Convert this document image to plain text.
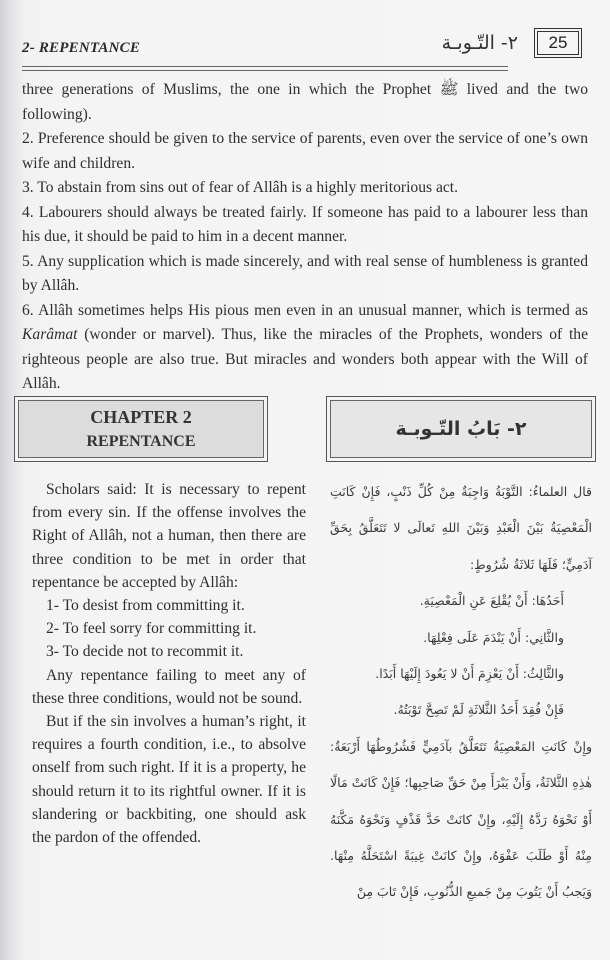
2- REPENTANCE	٢- التّـوبـة	25

three generations of Muslims, the one in which the Prophet ﷺ lived and the two following).

2. Preference should be given to the service of parents, even over the service of one’s own wife and children.

3. To abstain from sins out of fear of Allâh is a highly meritorious act.

4. Labourers should always be treated fairly. If someone has paid to a labourer less than his due, it should be paid to him in a decent manner.

5. Any supplication which is made sincerely, and with real sense of humbleness is granted by Allâh.

6. Allâh sometimes helps His pious men even in an unusual manner, which is termed as Karâmat (wonder or marvel). Thus, like the miracles of the Prophets, wonders of the righteous people are also true. But miracles and wonders both appear with the Will of Allâh.

CHAPTER 2
REPENTANCE
٢- بَابُ التّـوبـة

Scholars said: It is necessary to repent from every sin. If the offense involves the Right of Allâh, not a human, then there are three condition to be met in order that repentance be accepted by Allâh:

1- To desist from committing it.

2- To feel sorry for committing it.

3- To decide not to recommit it.

Any repentance failing to meet any of these three conditions, would not be sound.

But if the sin involves a human’s right, it requires a fourth condition, i.e., to absolve onself from such right. If it is a property, he should return it to its rightful owner. If it is slandering or backbiting, one should ask the pardon of the offended.

قال العلماءُ: التَّوْبَةُ وَاجِبَةٌ مِنْ كُلِّ ذَنْبٍ، فَإِنْ كَانَتِ الْمَعْصِيَةُ بَيْنَ الْعَبْدِ وَبَيْنَ اللهِ تَعالَى لا تَتَعَلَّقُ بِحَقِّ آدَمِيٍّ؛ فَلَهَا ثَلاثَةُ شُرُوطٍ:

أَحَدُهَا: أَنْ يُقْلِعَ عَنِ الْمَعْصِيَةِ.

والثَّانِي: أَنْ يَنْدَمَ عَلَى فِعْلِهَا.

والثَّالِثُ: أَنْ يَعْزِمَ أَنْ لا يَعُودَ إِلَيْهَا أَبَدًا.

فَإِنْ فُقِدَ أَحَدُ الثَّلاثَةِ لَمْ تَصِحَّ تَوْبَتُهُ.

وإِنْ كَانَتِ المَعْصِيَةُ تَتَعَلَّقُ بآدَمِيٍّ فَشُرُوطُهَا أَرْبَعَةٌ: هٰذِهِ الثَّلاثَةُ، وَأَنْ يَبْرَأَ مِنْ حَقِّ صَاحِبِها؛ فَإِنْ كَانَتْ مَالًا أَوْ نَحْوَهُ رَدَّهُ إِلَيْهِ، وإِنْ كانَتْ حَدَّ قَذْفٍ وَنَحْوَهُ مَكَّنَهُ مِنْهُ أَوْ طَلَبَ عَفْوَهُ، وإِنْ كانَتْ غِيبَةً اسْتَحَلَّهُ مِنْهَا. وَيَجبُ أَنْ يَتُوبَ مِنْ جَميعِ الذُّنُوبِ، فَإِنْ تَابَ مِنْ
